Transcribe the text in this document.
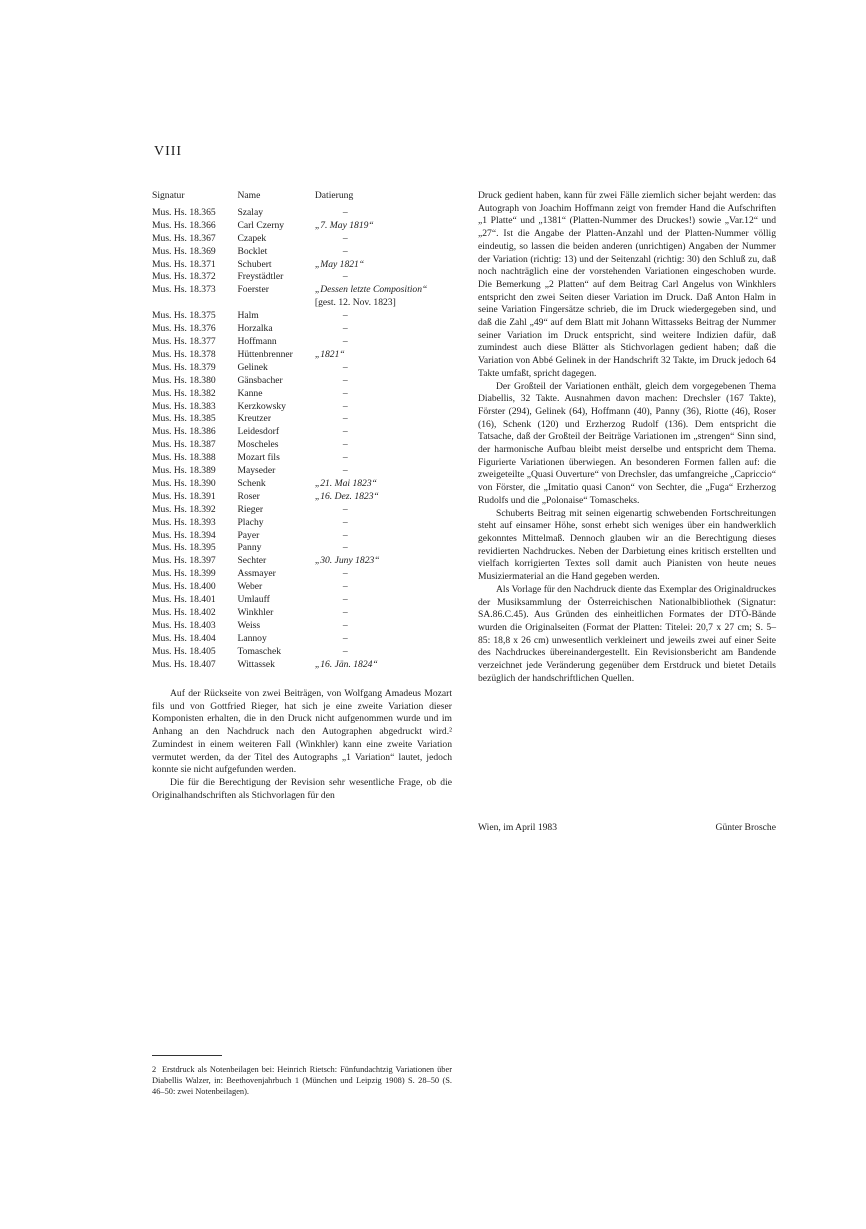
VIII
Signatur	Name	Datierung
Mus. Hs. 18.365	Szalay	–
Mus. Hs. 18.366	Carl Czerny	„7. May 1819“
Mus. Hs. 18.367	Czapek	–
Mus. Hs. 18.369	Bocklet	–
Mus. Hs. 18.371	Schubert	„May 1821“
Mus. Hs. 18.372	Freystädtler	–
Mus. Hs. 18.373	Foerster	„Dessen letzte Composition“
[gest. 12. Nov. 1823]
Mus. Hs. 18.375	Halm	–
Mus. Hs. 18.376	Horzalka	–
Mus. Hs. 18.377	Hoffmann	–
Mus. Hs. 18.378	Hüttenbrenner	„1821“
Mus. Hs. 18.379	Gelinek	–
Mus. Hs. 18.380	Gänsbacher	–
Mus. Hs. 18.382	Kanne	–
Mus. Hs. 18.383	Kerzkowsky	–
Mus. Hs. 18.385	Kreutzer	–
Mus. Hs. 18.386	Leidesdorf	–
Mus. Hs. 18.387	Moscheles	–
Mus. Hs. 18.388	Mozart fils	–
Mus. Hs. 18.389	Mayseder	–
Mus. Hs. 18.390	Schenk	„21. Mai 1823“
Mus. Hs. 18.391	Roser	„16. Dez. 1823“
Mus. Hs. 18.392	Rieger	–
Mus. Hs. 18.393	Plachy	–
Mus. Hs. 18.394	Payer	–
Mus. Hs. 18.395	Panny	–
Mus. Hs. 18.397	Sechter	„30. Juny 1823“
Mus. Hs. 18.399	Assmayer	–
Mus. Hs. 18.400	Weber	–
Mus. Hs. 18.401	Umlauff	–
Mus. Hs. 18.402	Winkhler	–
Mus. Hs. 18.403	Weiss	–
Mus. Hs. 18.404	Lannoy	–
Mus. Hs. 18.405	Tomaschek	–
Mus. Hs. 18.407	Wittassek	„16. Jän. 1824“

Auf der Rückseite von zwei Beiträgen, von Wolfgang Amadeus Mozart fils und von Gottfried Rieger, hat sich je eine zweite Variation dieser Komponisten erhalten, die in den Druck nicht aufgenommen wurde und im Anhang an den Nachdruck nach den Autographen abgedruckt wird.² Zumindest in einem weiteren Fall (Winkhler) kann eine zweite Variation vermutet werden, da der Titel des Autographs „1 Variation“ lautet, jedoch konnte sie nicht aufgefunden werden.

Die für die Berechtigung der Revision sehr wesentliche Frage, ob die Originalhandschriften als Stichvorlagen für den

Druck gedient haben, kann für zwei Fälle ziemlich sicher bejaht werden: das Autograph von Joachim Hoffmann zeigt von fremder Hand die Aufschriften „1 Platte“ und „1381“ (Platten-Nummer des Druckes!) sowie „Var.12“ und „27“. Ist die Angabe der Platten-Anzahl und der Platten-Nummer völlig eindeutig, so lassen die beiden anderen (unrichtigen) Angaben der Nummer der Variation (richtig: 13) und der Seitenzahl (richtig: 30) den Schluß zu, daß noch nachträglich eine der vorstehenden Variationen eingeschoben wurde. Die Bemerkung „2 Platten“ auf dem Beitrag Carl Angelus von Winkhlers entspricht den zwei Seiten dieser Variation im Druck. Daß Anton Halm in seine Variation Fingersätze schrieb, die im Druck wiedergegeben sind, und daß die Zahl „49“ auf dem Blatt mit Johann Wittasseks Beitrag der Nummer seiner Variation im Druck entspricht, sind weitere Indizien dafür, daß zumindest auch diese Blätter als Stichvorlagen gedient haben; daß die Variation von Abbé Gelinek in der Handschrift 32 Takte, im Druck jedoch 64 Takte umfaßt, spricht dagegen.

Der Großteil der Variationen enthält, gleich dem vorgegebenen Thema Diabellis, 32 Takte. Ausnahmen davon machen: Drechsler (167 Takte), Förster (294), Gelinek (64), Hoffmann (40), Panny (36), Riotte (46), Roser (16), Schenk (120) und Erzherzog Rudolf (136). Dem entspricht die Tatsache, daß der Großteil der Beiträge Variationen im „strengen“ Sinn sind, der harmonische Aufbau bleibt meist derselbe und entspricht dem Thema. Figurierte Variationen überwiegen. An besonderen Formen fallen auf: die zweigeteilte „Quasi Ouverture“ von Drechsler, das umfangreiche „Capriccio“ von Förster, die „Imitatio quasi Canon“ von Sechter, die „Fuga“ Erzherzog Rudolfs und die „Polonaise“ Tomascheks.

Schuberts Beitrag mit seinen eigenartig schwebenden Fortschreitungen steht auf einsamer Höhe, sonst erhebt sich weniges über ein handwerklich gekonntes Mittelmaß. Dennoch glauben wir an die Berechtigung dieses revidierten Nachdruckes. Neben der Darbietung eines kritisch erstellten und vielfach korrigierten Textes soll damit auch Pianisten von heute neues Musiziermaterial an die Hand gegeben werden.

Als Vorlage für den Nachdruck diente das Exemplar des Originaldruckes der Musiksammlung der Österreichischen Nationalbibliothek (Signatur: SA.86.C.45). Aus Gründen des einheitlichen Formates der DTÖ-Bände wurden die Originalseiten (Format der Platten: Titelei: 20,7 x 27 cm; S. 5–85: 18,8 x 26 cm) unwesentlich verkleinert und jeweils zwei auf einer Seite des Nachdruckes übereinandergestellt. Ein Revisionsbericht am Bandende verzeichnet jede Veränderung gegenüber dem Erstdruck und bietet Details bezüglich der handschriftlichen Quellen.

Wien, im April 1983	Günter Brosche
2 Erstdruck als Notenbeilagen bei: Heinrich Rietsch: Fünfundachtzig Variationen über Diabellis Walzer, in: Beethovenjahrbuch 1 (München und Leipzig 1908) S. 28–50 (S. 46–50: zwei Notenbeilagen).
